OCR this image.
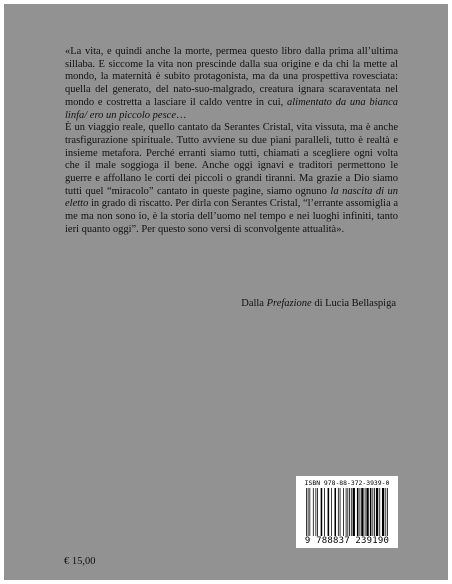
«La vita, e quindi anche la morte, permea questo libro dalla prima all’ultima sillaba. E siccome la vita non prescinde dalla sua origine e da chi la mette al mondo, la maternità è subito protagonista, ma da una prospettiva rovesciata: quella del generato, del nato-suo-malgrado, creatura ignara scaraventata nel mondo e costretta a lasciare il caldo ventre in cui, alimentato da una bianca linfa/ ero un piccolo pesce…

È un viaggio reale, quello cantato da Serantes Cristal, vita vissuta, ma è anche trasfigurazione spirituale. Tutto avviene su due piani paralleli, tutto è realtà e insieme metafora. Perché erranti siamo tutti, chiamati a scegliere ogni volta che il male soggioga il bene. Anche oggi ignavi e traditori permettono le guerre e affollano le corti dei piccoli o grandi tiranni. Ma grazie a Dio siamo tutti quel “miracolo” cantato in queste pagine, siamo ognuno la nascita di un eletto in grado di riscatto. Per dirla con Serantes Cristal, “l’errante assomiglia a me ma non sono io, è la storia dell’uomo nel tempo e nei luoghi infiniti, tanto ieri quanto oggi”. Per questo sono versi di sconvolgente attualità».

Dalla Prefazione di Lucia Bellaspiga

€ 15,00
ISBN 978-88-372-3939-0
9 788837 239190
